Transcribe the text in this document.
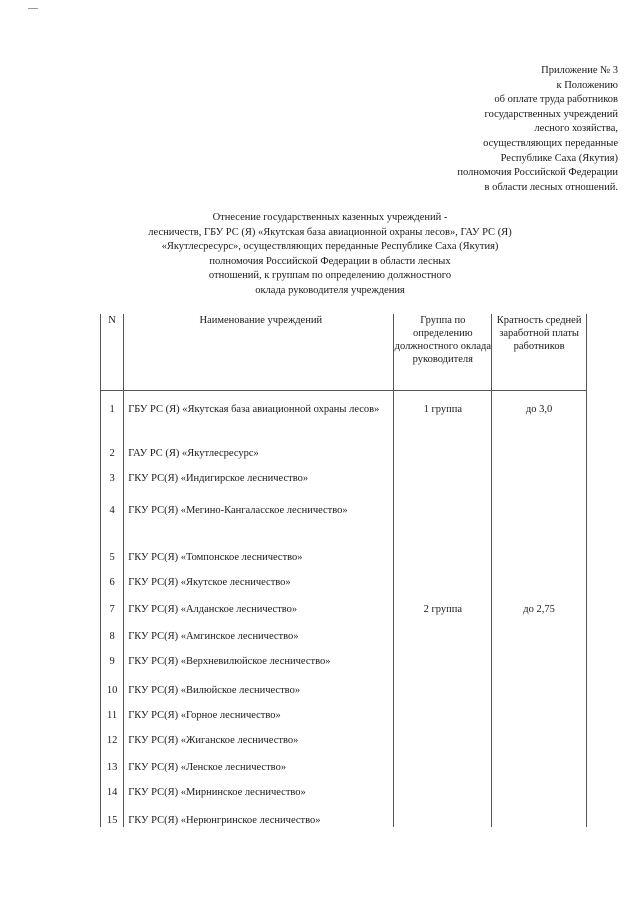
Приложение № 3
к Положению
об оплате труда работников
государственных учреждений
лесного хозяйства,
осуществляющих переданные
Республике Саха (Якутия)
полномочия Российской Федерации
в области лесных отношений.
Отнесение государственных казенных учреждений -
лесничеств, ГБУ РС (Я) «Якутская база авиационной охраны лесов», ГАУ РС (Я)
«Якутлесресурс», осуществляющих переданные Республике Саха (Якутия)
полномочия Российской Федерации в области лесных
отношений, к группам по определению должностного
оклада руководителя учреждения
N	Наименование учреждений	Группа по определению должностного оклада руководителя	Кратность средней заработной платы работников
1	ГБУ РС (Я) «Якутская база авиационной охраны лесов»	1 группа	до 3,0
2	ГАУ РС (Я) «Якутлесресурс»		
3	ГКУ РС(Я) «Индигирское лесничество»		
4	ГКУ РС(Я) «Мегино-Кангаласское лесничество»		
5	ГКУ РС(Я) «Томпонское лесничество»		
6	ГКУ РС(Я) «Якутское лесничество»		
7	ГКУ РС(Я) «Алданское лесничество»	2 группа	до 2,75
8	ГКУ РС(Я) «Амгинское лесничество»		
9	ГКУ РС(Я) «Верхневилюйское лесничество»		
10	ГКУ РС(Я) «Вилюйское лесничество»		
11	ГКУ РС(Я) «Горное лесничество»		
12	ГКУ РС(Я) «Жиганское лесничество»		
13	ГКУ РС(Я) «Ленское лесничество»		
14	ГКУ РС(Я) «Мирнинское лесничество»		
15	ГКУ РС(Я) «Нерюнгринское лесничество»		
